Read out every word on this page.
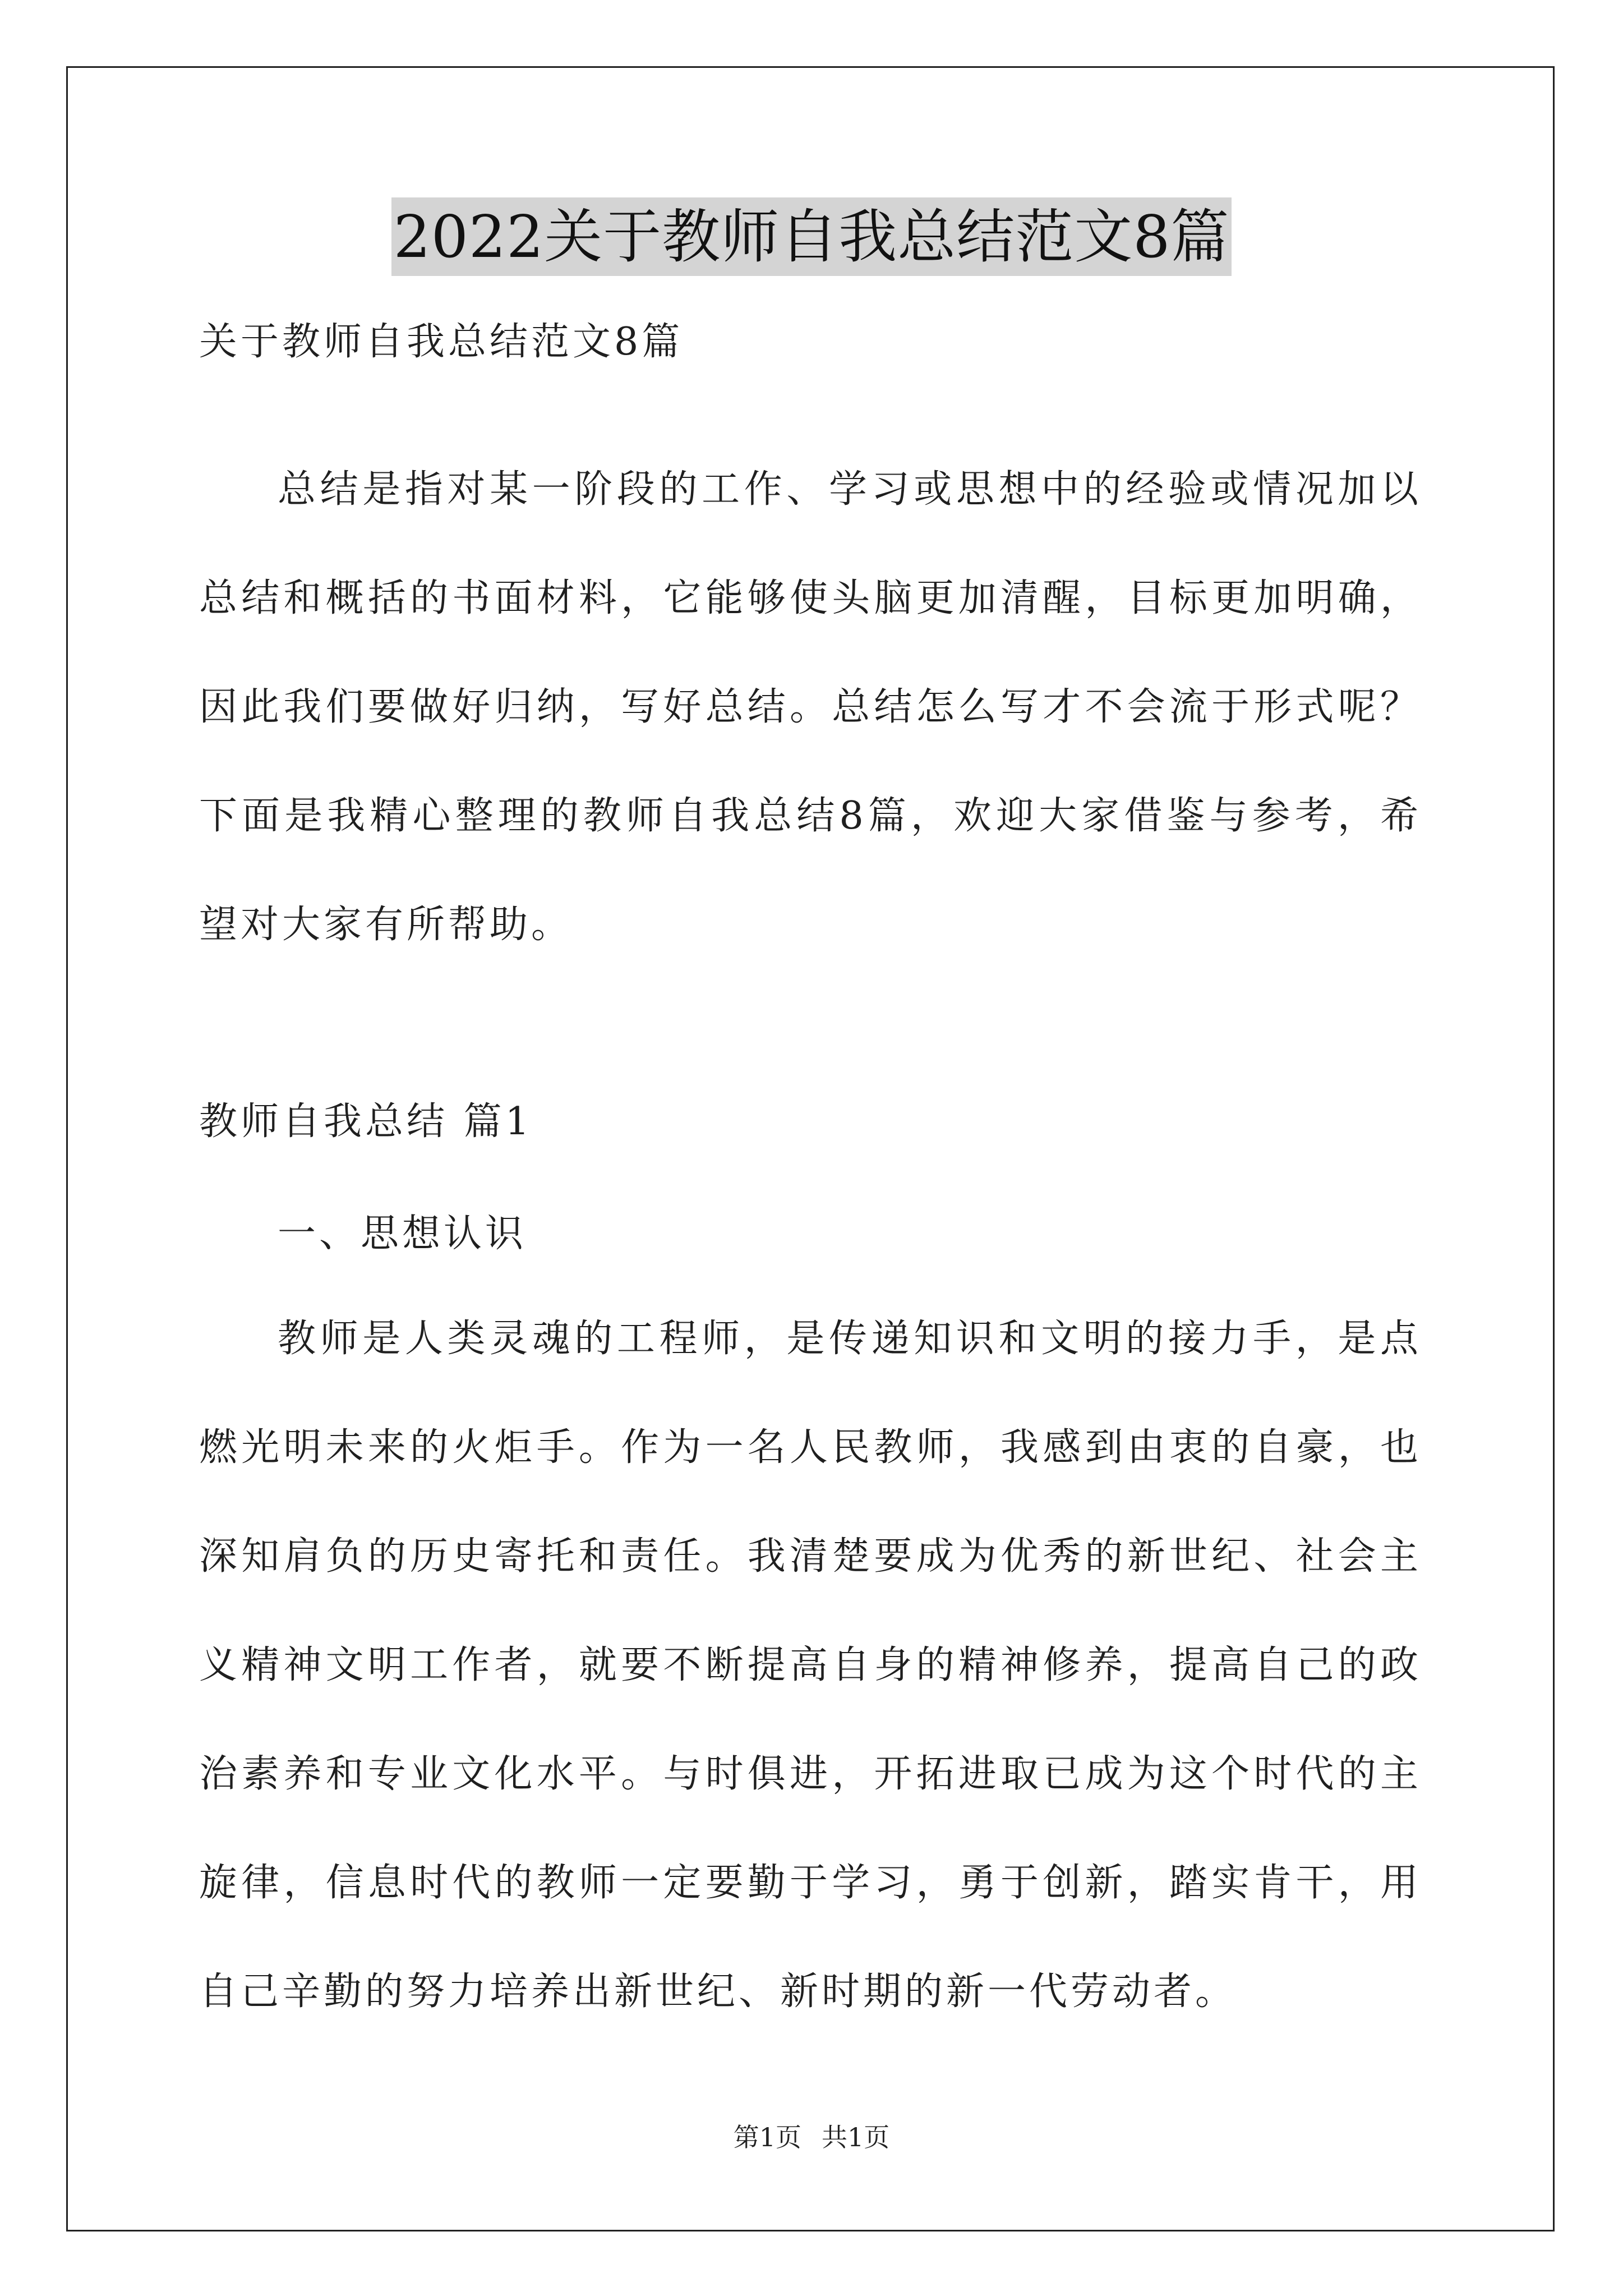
2022关于教师自我总结范文8篇
关于教师自我总结范文8篇

总结是指对某一阶段的工作、学习或思想中的经验或情况加以总结和概括的书面材料，它能够使头脑更加清醒，目标更加明确，因此我们要做好归纳，写好总结。总结怎么写才不会流于形式呢？下面是我精心整理的教师自我总结8篇，欢迎大家借鉴与参考，希望对大家有所帮助。

教师自我总结 篇1
一、思想认识

教师是人类灵魂的工程师，是传递知识和文明的接力手，是点燃光明未来的火炬手。作为一名人民教师，我感到由衷的自豪，也深知肩负的历史寄托和责任。我清楚要成为优秀的新世纪、社会主义精神文明工作者，就要不断提高自身的精神修养，提高自己的政治素养和专业文化水平。与时俱进，开拓进取已成为这个时代的主旋律，信息时代的教师一定要勤于学习，勇于创新，踏实肯干，用自己辛勤的努力培养出新世纪、新时期的新一代劳动者。

第1页 共1页
